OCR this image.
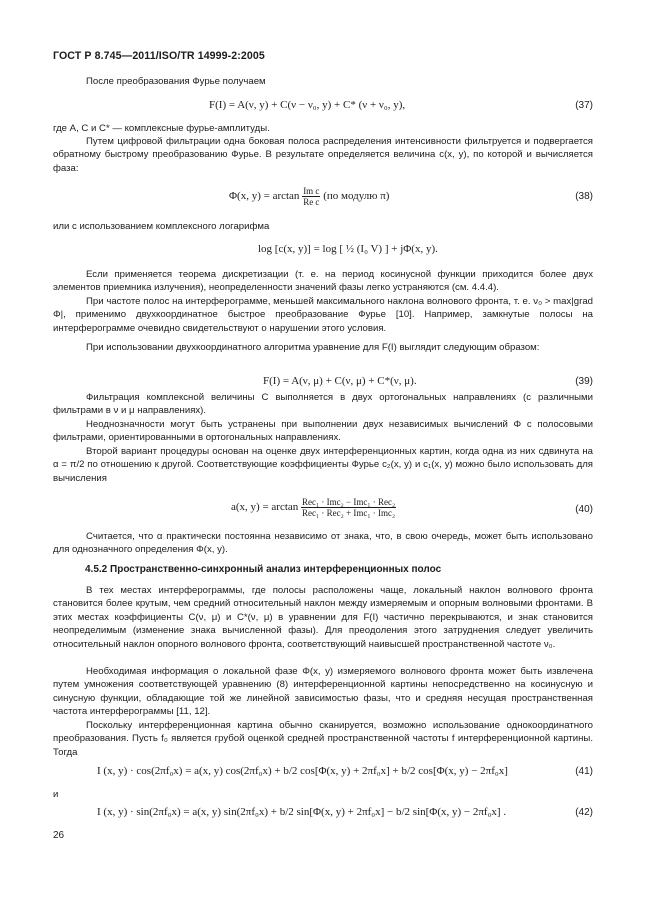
ГОСТ Р 8.745—2011/ISO/TR 14999-2:2005
После преобразования Фурье получаем
F(I) = A(ν, y) + C(ν − ν₀, y) + C* (ν + ν₀, y),	(37)
где A, C и C* — комплексные фурье-амплитуды.
Путем цифровой фильтрации одна боковая полоса распределения интенсивности фильтруется и подвергается обратному быстрому преобразованию Фурье. В результате определяется величина c(x, y), по которой и вычисляется фаза:
Φ(x, $y) = \arctan \frac{\text{Im c}}{\text{Re c}} (по$ модулю π)	(38)
или с использованием комплексного логарифма
log [c(x, y)] = log [ ½ (I₀ V) ] + jΦ(x, y).
Если применяется теорема дискретизации (т. е. на период косинусной функции приходится более двух элементов приемника излучения), неопределенности значений фазы легко устраняются (см. 4.4.4).
При частоте полос на интерферограмме, меньшей максимального наклона волнового фронта, т. е. ν₀ > max|grad Φ|, применимо двухкоординатное быстрое преобразование Фурье [10]. Например, замкнутые полосы на интерферограмме очевидно свидетельствуют о нарушении этого условия.
При использовании двухкоординатного алгоритма уравнение для F(I) выглядит следующим образом:
F(I) = A(ν, μ) + C(ν, μ) + C*(ν, μ).	(39)
Фильтрация комплексной величины C выполняется в двух ортогональных направлениях (с различными фильтрами в ν и μ направлениях).
Неоднозначности могут быть устранены при выполнении двух независимых вычислений Φ с полосовыми фильтрами, ориентированными в ортогональных направлениях.
Второй вариант процедуры основан на оценке двух интерференционных картин, когда одна из них сдвинута на α = π/2 по отношению к другой. Соответствующие коэффициенты Фурье c₂(x, y) и c₁(x, y) можно было использовать для вычисления
a(x, $y) = \arctan \frac{\text{Rec₁ · Imc₂ − Imc₁ · Rec₂}}{\text{Rec₁ · Rec₂ + Imc₁ · Imc₂}}$	(40)
Считается, что α практически постоянна независимо от знака, что, в свою очередь, может быть использовано для однозначного определения Φ(x, y).
4.5.2 Пространственно-синхронный анализ интерференционных полос
В тех местах интерферограммы, где полосы расположены чаще, локальный наклон волнового фронта становится более крутым, чем средний относительный наклон между измеряемым и опорным волновыми фронтами. В этих местах коэффициенты C(ν, μ) и C*(ν, μ) в уравнении для F(I) частично перекрываются, и знак становится неопределимым (изменение знака вычисленной фазы). Для преодоления этого затруднения следует увеличить относительный наклон опорного волнового фронта, соответствующий наивысшей пространственной частоте ν₀.
Необходимая информация о локальной фазе Φ(x, y) измеряемого волнового фронта может быть извлечена путем умножения соответствующей уравнению (8) интерференционной картины непосредственно на косинусную и синусную функции, обладающие той же линейной зависимостью фазы, что и средняя несущая пространственная частота интерферограммы [11, 12].
Поскольку интерференционная картина обычно сканируется, возможно использование однокоординатного преобразования. Пусть f₀ является грубой оценкой средней пространственной частоты f интерференционной картины. Тогда
I (x, y) · cos(2πf₀x) = a(x, y) cos(2πf₀x) + b/2 cos[Φ(x, y) + 2πf₀x] + b/2 cos[Φ(x, y) − 2πf₀x]	(41)
и
I (x, y) · sin(2πf₀x) = a(x, y) sin(2πf₀x) + b/2 sin[Φ(x, y) + 2πf₀x] − b/2 sin[Φ(x, y) − 2πf₀x] .	(42)
26
